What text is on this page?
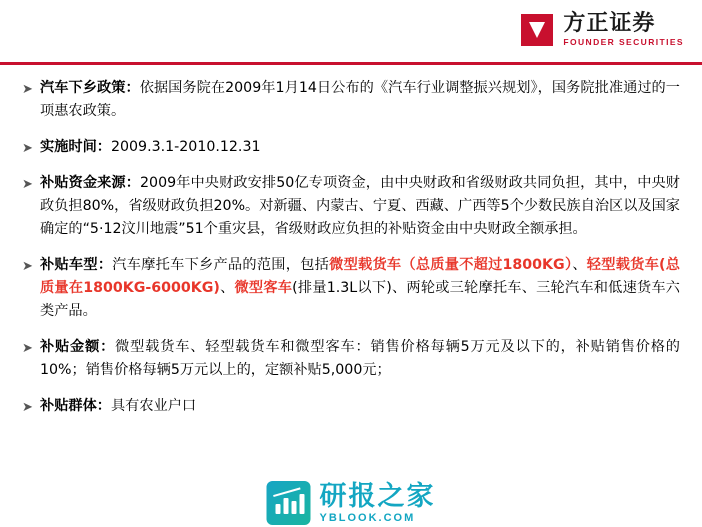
方正证券
FOUNDER SECURITIES
➤ 汽车下乡政策：依据国务院在2009年1月14日公布的《汽车行业调整振兴规划》，国务院批准通过的一项惠农政策。
➤ 实施时间：2009.3.1-2010.12.31
➤ 补贴资金来源：2009年中央财政安排50亿专项资金，由中央财政和省级财政共同负担，其中，中央财政负担80%，省级财政负担20%。对新疆、内蒙古、宁夏、西藏、广西等5个少数民族自治区以及国家确定的“5·12汶川地震”51个重灾县，省级财政应负担的补贴资金由中央财政全额承担。
➤ 补贴车型：汽车摩托车下乡产品的范围，包括微型载货车（总质量不超过1800KG）、轻型载货车(总质量在1800KG-6000KG)、微型客车(排量1.3L以下)、两轮或三轮摩托车、三轮汽车和低速货车六类产品。
➤ 补贴金额：微型载货车、轻型载货车和微型客车：销售价格每辆5万元及以下的，补贴销售价格的10%；销售价格每辆5万元以上的，定额补贴5,000元；
➤ 补贴群体：具有农业户口
研报之家
YBLOOK.COM
